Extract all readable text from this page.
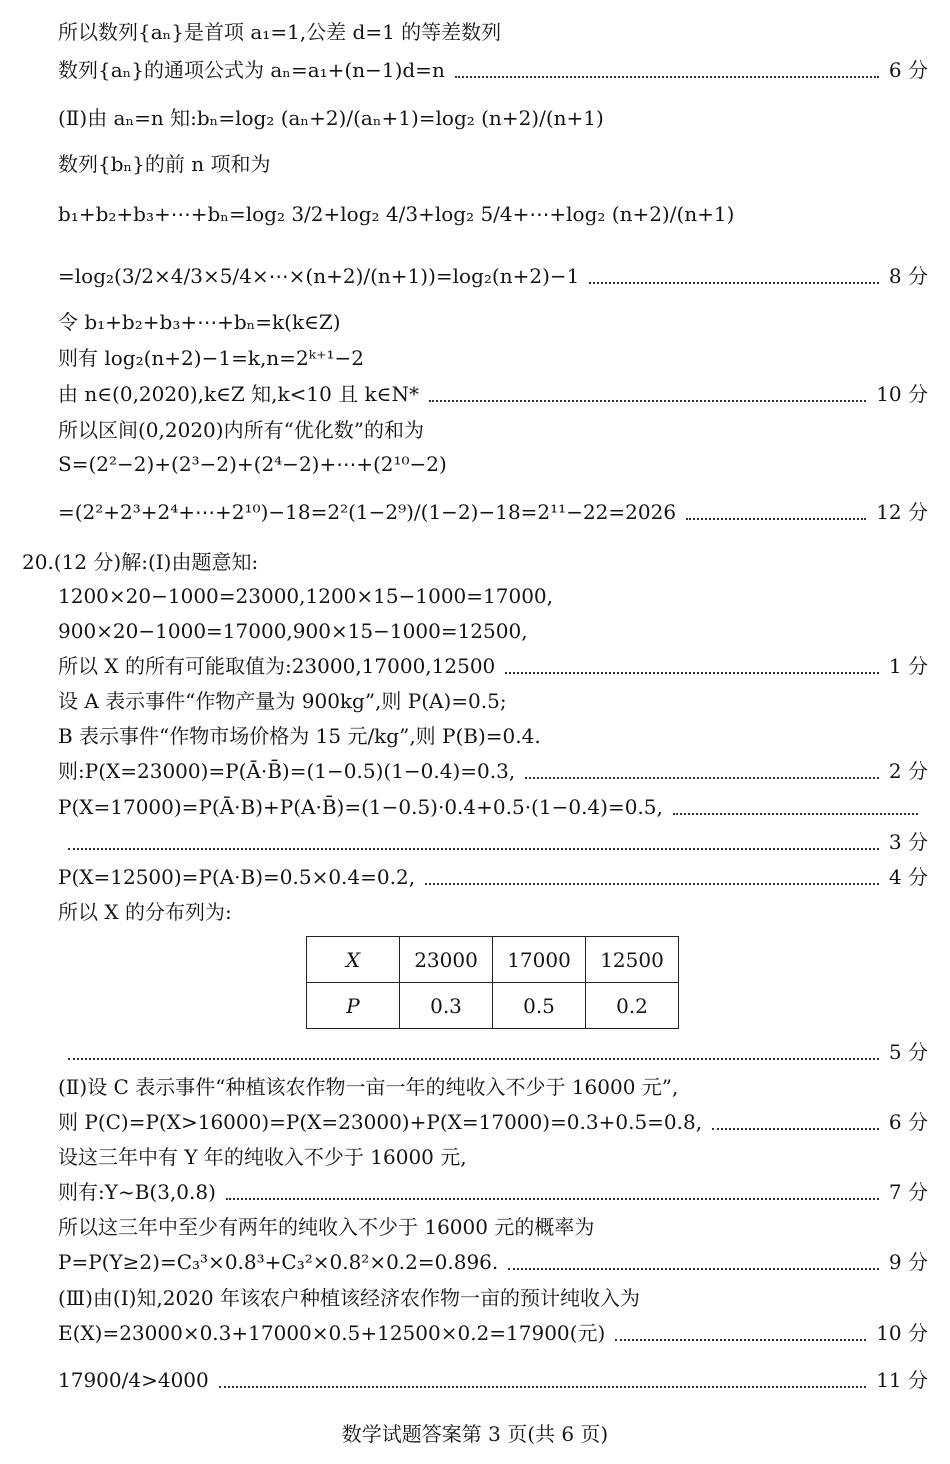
所以数列{aₙ}是首项 a₁=1,公差 d=1 的等差数列
数列{aₙ}的通项公式为 aₙ=a₁+(n−1)d=n	6 分
(Ⅱ)由 aₙ=n 知:bₙ=log₂ (aₙ+2)/(aₙ+1)=log₂ (n+2)/(n+1)
数列{bₙ}的前 n 项和为
b₁+b₂+b₃+⋯+bₙ=log₂ 3/2+log₂ 4/3+log₂ 5/4+⋯+log₂ (n+2)/(n+1)
=log₂(3/2×4/3×5/4×⋯×(n+2)/(n+1))=log₂(n+2)−1	8 分
令 b₁+b₂+b₃+⋯+bₙ=k(k∈Z)
则有 log₂(n+2)−1=k,n=2ᵏ⁺¹−2
由 n∈(0,2020),k∈Z 知,k<10 且 k∈N*	10 分
所以区间(0,2020)内所有“优化数”的和为
S=(2²−2)+(2³−2)+(2⁴−2)+⋯+(2¹⁰−2)
=(2²+2³+2⁴+⋯+2¹⁰)−18=2²(1−2⁹)/(1−2)−18=2¹¹−22=2026	12 分
20.(12 分)解:(Ⅰ)由题意知:
1200×20−1000=23000,1200×15−1000=17000,
900×20−1000=17000,900×15−1000=12500,
所以 X 的所有可能取值为:23000,17000,12500	1 分
设 A 表示事件“作物产量为 900kg”,则 P(A)=0.5;
B 表示事件“作物市场价格为 15 元/kg”,则 P(B)=0.4.
则:P(X=23000)=P(Ā·B̄)=(1−0.5)(1−0.4)=0.3,	2 分
P(X=17000)=P(Ā·B)+P(A·B̄)=(1−0.5)·0.4+0.5·(1−0.4)=0.5,
3 分
P(X=12500)=P(A·B)=0.5×0.4=0.2,	4 分
所以 X 的分布列为:
X	23000	17000	12500
P	0.3	0.5	0.2
5 分
(Ⅱ)设 C 表示事件“种植该农作物一亩一年的纯收入不少于 16000 元”,
则 P(C)=P(X>16000)=P(X=23000)+P(X=17000)=0.3+0.5=0.8,	6 分
设这三年中有 Y 年的纯收入不少于 16000 元,
则有:Y~B(3,0.8)	7 分
所以这三年中至少有两年的纯收入不少于 16000 元的概率为
P=P(Y≥2)=C₃³×0.8³+C₃²×0.8²×0.2=0.896.	9 分
(Ⅲ)由(Ⅰ)知,2020 年该农户种植该经济农作物一亩的预计纯收入为
E(X)=23000×0.3+17000×0.5+12500×0.2=17900(元)	10 分
17900/4>4000	11 分
数学试题答案第 3 页(共 6 页)
